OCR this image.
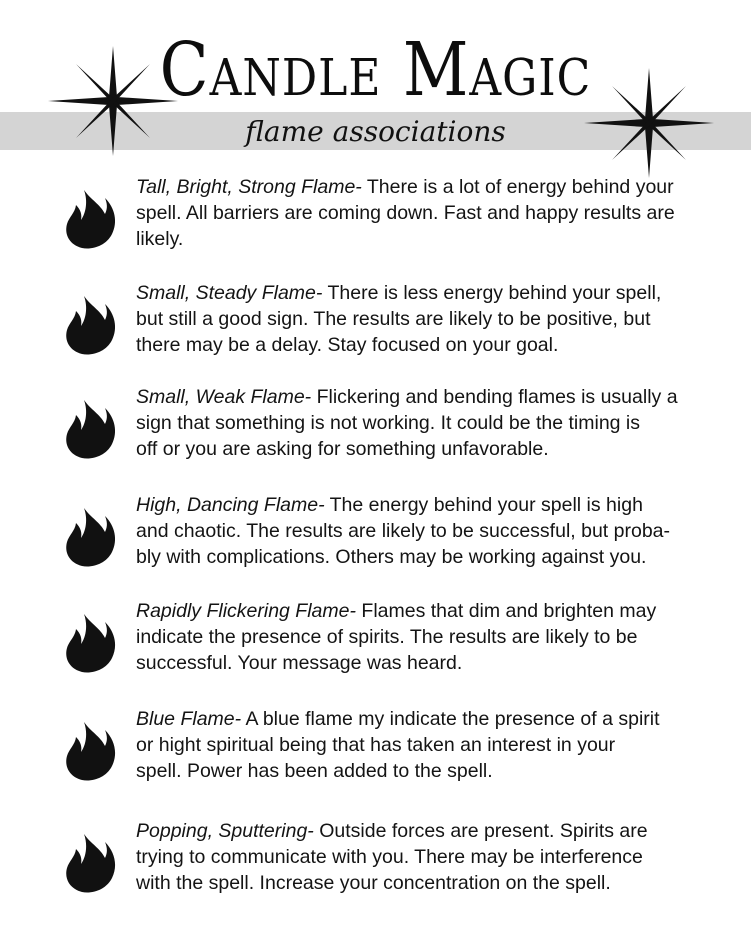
CANDLE MAGIC
flame associations
Tall, Bright, Strong Flame- There is a lot of energy behind your
spell. All barriers are coming down. Fast and happy results are
likely.
Small, Steady Flame- There is less energy behind your spell,
but still a good sign. The results are likely to be positive, but
there may be a delay. Stay focused on your goal.
Small, Weak Flame- Flickering and bending flames is usually a
sign that something is not working. It could be the timing is
off or you are asking for something unfavorable.
High, Dancing Flame- The energy behind your spell is high
and chaotic. The results are likely to be successful, but proba-
bly with complications. Others may be working against you.
Rapidly Flickering Flame- Flames that dim and brighten may
indicate the presence of spirits. The results are likely to be
successful. Your message was heard.
Blue Flame- A blue flame my indicate the presence of a spirit
or hight spiritual being that has taken an interest in your
spell. Power has been added to the spell.
Popping, Sputtering- Outside forces are present. Spirits are
trying to communicate with you. There may be interference
with the spell. Increase your concentration on the spell.
